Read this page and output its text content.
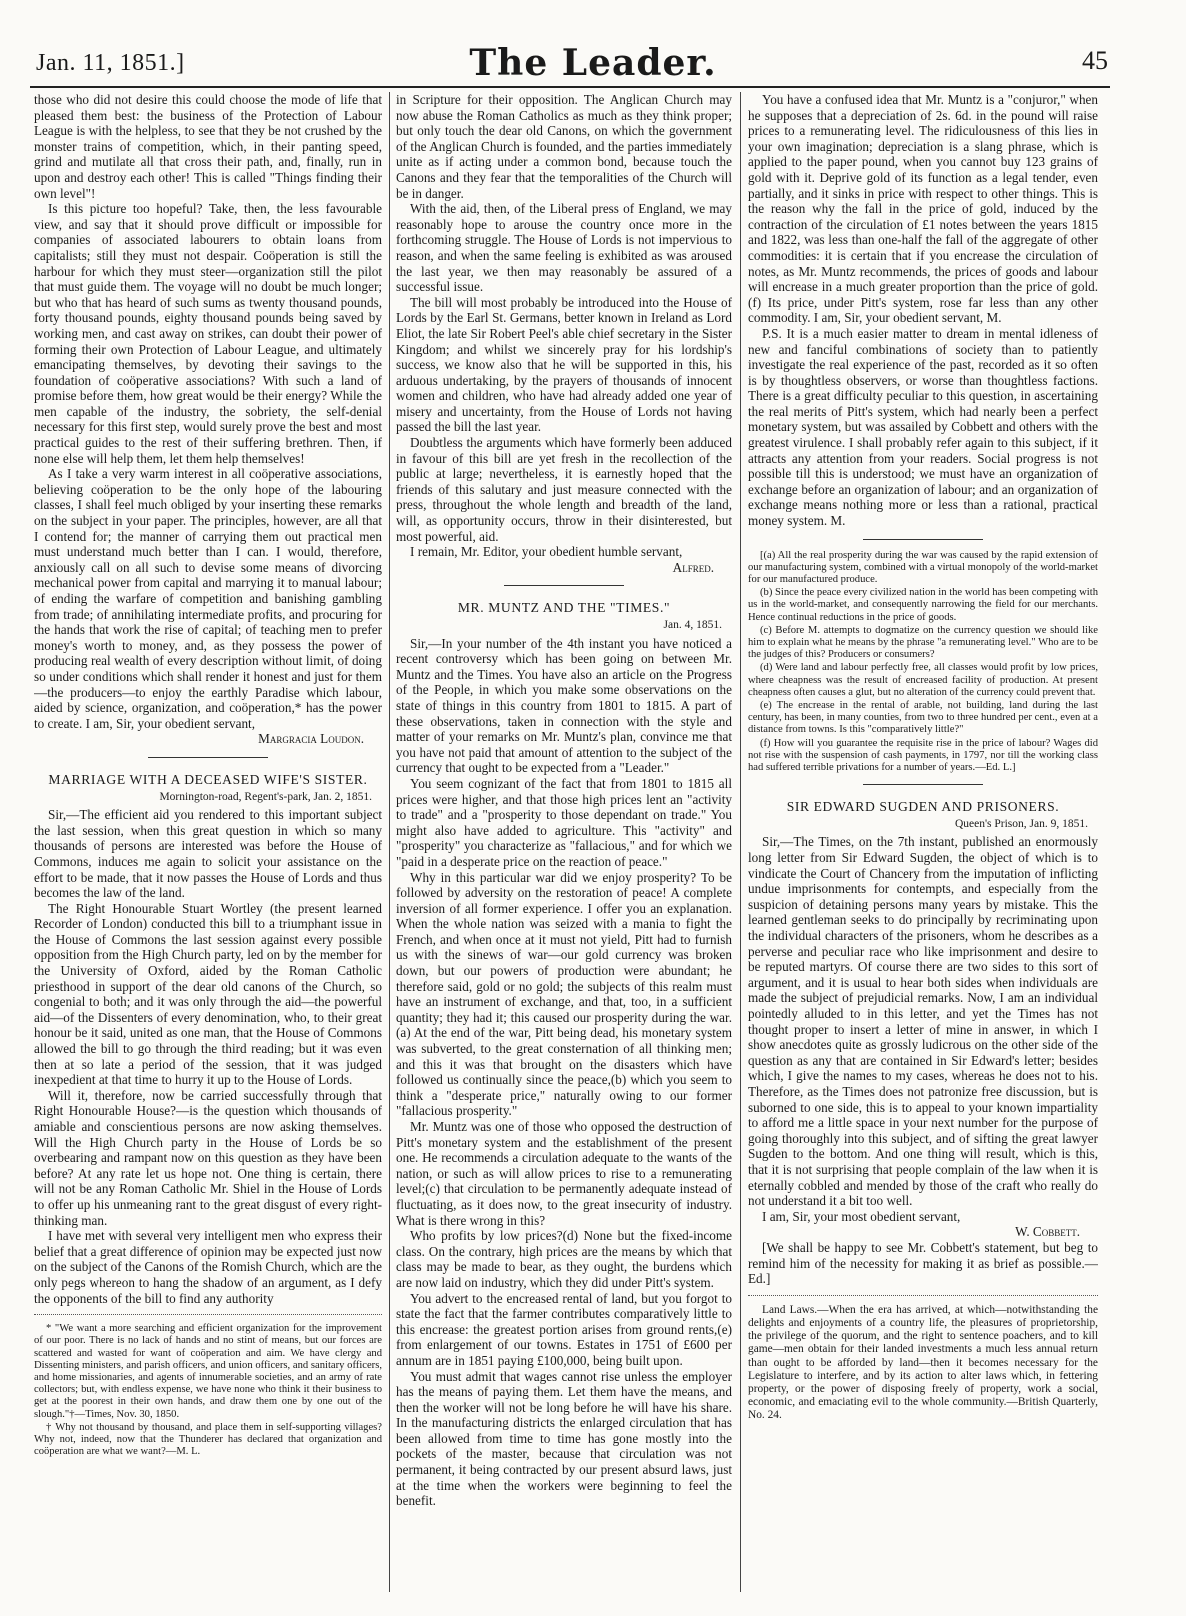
Jan. 11, 1851.]	The Leader.	45

those who did not desire this could choose the mode of life that pleased them best: the business of the Protection of Labour League is with the helpless, to see that they be not crushed by the monster trains of competition, which, in their panting speed, grind and mutilate all that cross their path, and, finally, run in upon and destroy each other! This is called "Things finding their own level"!

Is this picture too hopeful? Take, then, the less favourable view, and say that it should prove difficult or impossible for companies of associated labourers to obtain loans from capitalists; still they must not despair. Coöperation is still the harbour for which they must steer—organization still the pilot that must guide them. The voyage will no doubt be much longer; but who that has heard of such sums as twenty thousand pounds, forty thousand pounds, eighty thousand pounds being saved by working men, and cast away on strikes, can doubt their power of forming their own Protection of Labour League, and ultimately emancipating themselves, by devoting their savings to the foundation of coöperative associations? With such a land of promise before them, how great would be their energy? While the men capable of the industry, the sobriety, the self-denial necessary for this first step, would surely prove the best and most practical guides to the rest of their suffering brethren. Then, if none else will help them, let them help themselves!

As I take a very warm interest in all coöperative associations, believing coöperation to be the only hope of the labouring classes, I shall feel much obliged by your inserting these remarks on the subject in your paper. The principles, however, are all that I contend for; the manner of carrying them out practical men must understand much better than I can. I would, therefore, anxiously call on all such to devise some means of divorcing mechanical power from capital and marrying it to manual labour; of ending the warfare of competition and banishing gambling from trade; of annihilating intermediate profits, and procuring for the hands that work the rise of capital; of teaching men to prefer money's worth to money, and, as they possess the power of producing real wealth of every description without limit, of doing so under conditions which shall render it honest and just for them—the producers—to enjoy the earthly Paradise which labour, aided by science, organization, and coöperation,* has the power to create. I am, Sir, your obedient servant,

Margracia Loudon.

MARRIAGE WITH A DECEASED WIFE'S SISTER.
Mornington-road, Regent's-park, Jan. 2, 1851.

Sir,—The efficient aid you rendered to this important subject the last session, when this great question in which so many thousands of persons are interested was before the House of Commons, induces me again to solicit your assistance on the effort to be made, that it now passes the House of Lords and thus becomes the law of the land.

The Right Honourable Stuart Wortley (the present learned Recorder of London) conducted this bill to a triumphant issue in the House of Commons the last session against every possible opposition from the High Church party, led on by the member for the University of Oxford, aided by the Roman Catholic priesthood in support of the dear old canons of the Church, so congenial to both; and it was only through the aid—the powerful aid—of the Dissenters of every denomination, who, to their great honour be it said, united as one man, that the House of Commons allowed the bill to go through the third reading; but it was even then at so late a period of the session, that it was judged inexpedient at that time to hurry it up to the House of Lords.

Will it, therefore, now be carried successfully through that Right Honourable House?—is the question which thousands of amiable and conscientious persons are now asking themselves. Will the High Church party in the House of Lords be so overbearing and rampant now on this question as they have been before? At any rate let us hope not. One thing is certain, there will not be any Roman Catholic Mr. Shiel in the House of Lords to offer up his unmeaning rant to the great disgust of every right-thinking man.

I have met with several very intelligent men who express their belief that a great difference of opinion may be expected just now on the subject of the Canons of the Romish Church, which are the only pegs whereon to hang the shadow of an argument, as I defy the opponents of the bill to find any authority

* "We want a more searching and efficient organization for the improvement of our poor. There is no lack of hands and no stint of means, but our forces are scattered and wasted for want of coöperation and aim. We have clergy and Dissenting ministers, and parish officers, and union officers, and sanitary officers, and home missionaries, and agents of innumerable societies, and an army of rate collectors; but, with endless expense, we have none who think it their business to get at the poorest in their own hands, and draw them one by one out of the slough."†—Times, Nov. 30, 1850.

† Why not thousand by thousand, and place them in self-supporting villages? Why not, indeed, now that the Thunderer has declared that organization and coöperation are what we want?—M. L.

in Scripture for their opposition. The Anglican Church may now abuse the Roman Catholics as much as they think proper; but only touch the dear old Canons, on which the government of the Anglican Church is founded, and the parties immediately unite as if acting under a common bond, because touch the Canons and they fear that the temporalities of the Church will be in danger.

With the aid, then, of the Liberal press of England, we may reasonably hope to arouse the country once more in the forthcoming struggle. The House of Lords is not impervious to reason, and when the same feeling is exhibited as was aroused the last year, we then may reasonably be assured of a successful issue.

The bill will most probably be introduced into the House of Lords by the Earl St. Germans, better known in Ireland as Lord Eliot, the late Sir Robert Peel's able chief secretary in the Sister Kingdom; and whilst we sincerely pray for his lordship's success, we know also that he will be supported in this, his arduous undertaking, by the prayers of thousands of innocent women and children, who have had already added one year of misery and uncertainty, from the House of Lords not having passed the bill the last year.

Doubtless the arguments which have formerly been adduced in favour of this bill are yet fresh in the recollection of the public at large; nevertheless, it is earnestly hoped that the friends of this salutary and just measure connected with the press, throughout the whole length and breadth of the land, will, as opportunity occurs, throw in their disinterested, but most powerful, aid.

I remain, Mr. Editor, your obedient humble servant,

Alfred.

MR. MUNTZ AND THE "TIMES."
Jan. 4, 1851.

Sir,—In your number of the 4th instant you have noticed a recent controversy which has been going on between Mr. Muntz and the Times. You have also an article on the Progress of the People, in which you make some observations on the state of things in this country from 1801 to 1815. A part of these observations, taken in connection with the style and matter of your remarks on Mr. Muntz's plan, convince me that you have not paid that amount of attention to the subject of the currency that ought to be expected from a "Leader."

You seem cognizant of the fact that from 1801 to 1815 all prices were higher, and that those high prices lent an "activity to trade" and a "prosperity to those dependant on trade." You might also have added to agriculture. This "activity" and "prosperity" you characterize as "fallacious," and for which we "paid in a desperate price on the reaction of peace."

Why in this particular war did we enjoy prosperity? To be followed by adversity on the restoration of peace! A complete inversion of all former experience. I offer you an explanation. When the whole nation was seized with a mania to fight the French, and when once at it must not yield, Pitt had to furnish us with the sinews of war—our gold currency was broken down, but our powers of production were abundant; he therefore said, gold or no gold; the subjects of this realm must have an instrument of exchange, and that, too, in a sufficient quantity; they had it; this caused our prosperity during the war.(a) At the end of the war, Pitt being dead, his monetary system was subverted, to the great consternation of all thinking men; and this it was that brought on the disasters which have followed us continually since the peace,(b) which you seem to think a "desperate price," naturally owing to our former "fallacious prosperity."

Mr. Muntz was one of those who opposed the destruction of Pitt's monetary system and the establishment of the present one. He recommends a circulation adequate to the wants of the nation, or such as will allow prices to rise to a remunerating level;(c) that circulation to be permanently adequate instead of fluctuating, as it does now, to the great insecurity of industry. What is there wrong in this?

Who profits by low prices?(d) None but the fixed-income class. On the contrary, high prices are the means by which that class may be made to bear, as they ought, the burdens which are now laid on industry, which they did under Pitt's system.

You advert to the encreased rental of land, but you forgot to state the fact that the farmer contributes comparatively little to this encrease: the greatest portion arises from ground rents,(e) from enlargement of our towns. Estates in 1751 of £600 per annum are in 1851 paying £100,000, being built upon.

You must admit that wages cannot rise unless the employer has the means of paying them. Let them have the means, and then the worker will not be long before he will have his share. In the manufacturing districts the enlarged circulation that has been allowed from time to time has gone mostly into the pockets of the master, because that circulation was not permanent, it being contracted by our present absurd laws, just at the time when the workers were beginning to feel the benefit.

You have a confused idea that Mr. Muntz is a "conjuror," when he supposes that a depreciation of 2s. 6d. in the pound will raise prices to a remunerating level. The ridiculousness of this lies in your own imagination; depreciation is a slang phrase, which is applied to the paper pound, when you cannot buy 123 grains of gold with it. Deprive gold of its function as a legal tender, even partially, and it sinks in price with respect to other things. This is the reason why the fall in the price of gold, induced by the contraction of the circulation of £1 notes between the years 1815 and 1822, was less than one-half the fall of the aggregate of other commodities: it is certain that if you encrease the circulation of notes, as Mr. Muntz recommends, the prices of goods and labour will encrease in a much greater proportion than the price of gold.(f) Its price, under Pitt's system, rose far less than any other commodity. I am, Sir, your obedient servant, M.

P.S. It is a much easier matter to dream in mental idleness of new and fanciful combinations of society than to patiently investigate the real experience of the past, recorded as it so often is by thoughtless observers, or worse than thoughtless factions. There is a great difficulty peculiar to this question, in ascertaining the real merits of Pitt's system, which had nearly been a perfect monetary system, but was assailed by Cobbett and others with the greatest virulence. I shall probably refer again to this subject, if it attracts any attention from your readers. Social progress is not possible till this is understood; we must have an organization of exchange before an organization of labour; and an organization of exchange means nothing more or less than a rational, practical money system. M.

[(a) All the real prosperity during the war was caused by the rapid extension of our manufacturing system, combined with a virtual monopoly of the world-market for our manufactured produce.

(b) Since the peace every civilized nation in the world has been competing with us in the world-market, and consequently narrowing the field for our merchants. Hence continual reductions in the price of goods.

(c) Before M. attempts to dogmatize on the currency question we should like him to explain what he means by the phrase "a remunerating level." Who are to be the judges of this? Producers or consumers?

(d) Were land and labour perfectly free, all classes would profit by low prices, where cheapness was the result of encreased facility of production. At present cheapness often causes a glut, but no alteration of the currency could prevent that.

(e) The encrease in the rental of arable, not building, land during the last century, has been, in many counties, from two to three hundred per cent., even at a distance from towns. Is this "comparatively little?"

(f) How will you guarantee the requisite rise in the price of labour? Wages did not rise with the suspension of cash payments, in 1797, nor till the working class had suffered terrible privations for a number of years.—Ed. L.]

SIR EDWARD SUGDEN AND PRISONERS.
Queen's Prison, Jan. 9, 1851.

Sir,—The Times, on the 7th instant, published an enormously long letter from Sir Edward Sugden, the object of which is to vindicate the Court of Chancery from the imputation of inflicting undue imprisonments for contempts, and especially from the suspicion of detaining persons many years by mistake. This the learned gentleman seeks to do principally by recriminating upon the individual characters of the prisoners, whom he describes as a perverse and peculiar race who like imprisonment and desire to be reputed martyrs. Of course there are two sides to this sort of argument, and it is usual to hear both sides when individuals are made the subject of prejudicial remarks. Now, I am an individual pointedly alluded to in this letter, and yet the Times has not thought proper to insert a letter of mine in answer, in which I show anecdotes quite as grossly ludicrous on the other side of the question as any that are contained in Sir Edward's letter; besides which, I give the names to my cases, whereas he does not to his. Therefore, as the Times does not patronize free discussion, but is suborned to one side, this is to appeal to your known impartiality to afford me a little space in your next number for the purpose of going thoroughly into this subject, and of sifting the great lawyer Sugden to the bottom. And one thing will result, which is this, that it is not surprising that people complain of the law when it is eternally cobbled and mended by those of the craft who really do not understand it a bit too well.

I am, Sir, your most obedient servant,

W. Cobbett.

[We shall be happy to see Mr. Cobbett's statement, but beg to remind him of the necessity for making it as brief as possible.—Ed.]

Land Laws.—When the era has arrived, at which—notwithstanding the delights and enjoyments of a country life, the pleasures of proprietorship, the privilege of the quorum, and the right to sentence poachers, and to kill game—men obtain for their landed investments a much less annual return than ought to be afforded by land—then it becomes necessary for the Legislature to interfere, and by its action to alter laws which, in fettering property, or the power of disposing freely of property, work a social, economic, and emaciating evil to the whole community.—British Quarterly, No. 24.
